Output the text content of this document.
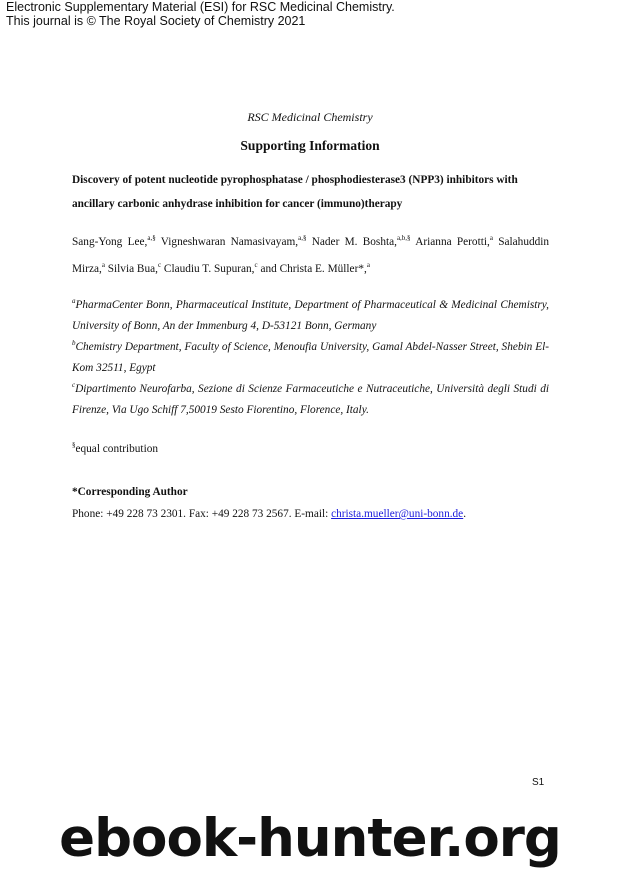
Electronic Supplementary Material (ESI) for RSC Medicinal Chemistry.
This journal is © The Royal Society of Chemistry 2021
RSC Medicinal Chemistry
Supporting Information
Discovery of potent nucleotide pyrophosphatase / phosphodiesterase3 (NPP3) inhibitors with ancillary carbonic anhydrase inhibition for cancer (immuno)therapy
Sang-Yong Lee,$^{a,\S}$ Vigneshwaran Namasivayam,$^{a,\S}$ Nader M. Boshta,$^{a,b,\S}$ Arianna Perotti,$^a$ Salahuddin Mirza,$^a$ Silvia Bua,$^c$ Claudiu T. Supuran,$^c$ and Christa E. Müller*,$^a$
$^a$PharmaCenter Bonn, Pharmaceutical Institute, Department of Pharmaceutical & Medicinal Chemistry, University of Bonn, An der Immenburg 4, D-53121 Bonn, Germany
$^b$Chemistry Department, Faculty of Science, Menoufia University, Gamal Abdel-Nasser Street, Shebin El-Kom 32511, Egypt
$^c$Dipartimento Neurofarba, Sezione di Scienze Farmaceutiche e Nutraceutiche, Università degli Studi di Firenze, Via Ugo Schiff 7,50019 Sesto Fiorentino, Florence, Italy.
§equal contribution
*Corresponding Author
Phone: +49 228 73 2301. Fax: +49 228 73 2567. E-mail: christa.mueller@uni-bonn.de.
S1
ebook-hunter.org
